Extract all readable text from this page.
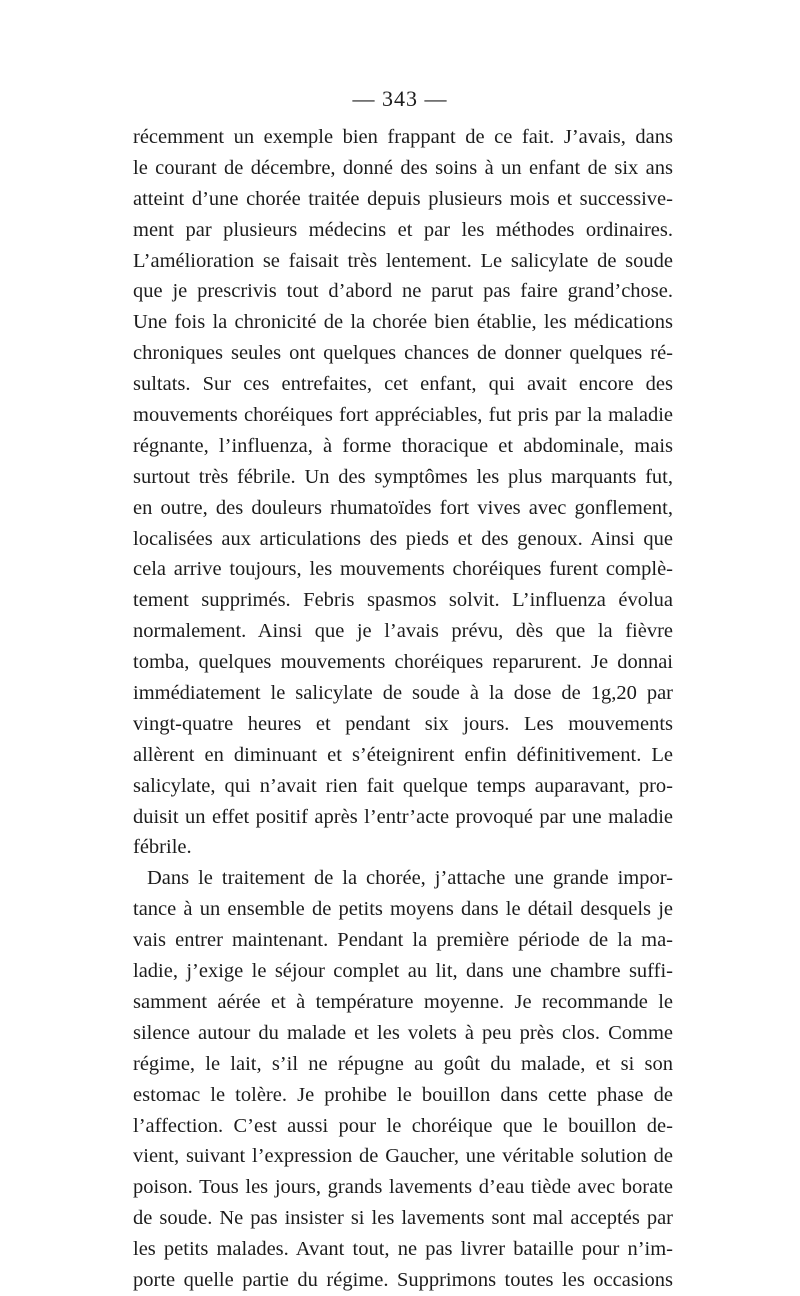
— 343 —
récemment un exemple bien frappant de ce fait. J’avais, dans
le courant de décembre, donné des soins à un enfant de six ans
atteint d’une chorée traitée depuis plusieurs mois et successive-
ment par plusieurs médecins et par les méthodes ordinaires.
L’amélioration se faisait très lentement. Le salicylate de soude
que je prescrivis tout d’abord ne parut pas faire grand’chose.
Une fois la chronicité de la chorée bien établie, les médications
chroniques seules ont quelques chances de donner quelques ré-
sultats. Sur ces entrefaites, cet enfant, qui avait encore des
mouvements choréiques fort appréciables, fut pris par la maladie
régnante, l’influenza, à forme thoracique et abdominale, mais
surtout très fébrile. Un des symptômes les plus marquants fut,
en outre, des douleurs rhumatoïdes fort vives avec gonflement,
localisées aux articulations des pieds et des genoux. Ainsi que
cela arrive toujours, les mouvements choréiques furent complè-
tement supprimés. Febris spasmos solvit. L’influenza évolua
normalement. Ainsi que je l’avais prévu, dès que la fièvre
tomba, quelques mouvements choréiques reparurent. Je donnai
immédiatement le salicylate de soude à la dose de 1g,20 par
vingt-quatre heures et pendant six jours. Les mouvements
allèrent en diminuant et s’éteignirent enfin définitivement. Le
salicylate, qui n’avait rien fait quelque temps auparavant, pro-
duisit un effet positif après l’entr’acte provoqué par une maladie
fébrile.
Dans le traitement de la chorée, j’attache une grande impor-
tance à un ensemble de petits moyens dans le détail desquels je
vais entrer maintenant. Pendant la première période de la ma-
ladie, j’exige le séjour complet au lit, dans une chambre suffi-
samment aérée et à température moyenne. Je recommande le
silence autour du malade et les volets à peu près clos. Comme
régime, le lait, s’il ne répugne au goût du malade, et si son
estomac le tolère. Je prohibe le bouillon dans cette phase de
l’affection. C’est aussi pour le choréique que le bouillon de-
vient, suivant l’expression de Gaucher, une véritable solution de
poison. Tous les jours, grands lavements d’eau tiède avec borate
de soude. Ne pas insister si les lavements sont mal acceptés par
les petits malades. Avant tout, ne pas livrer bataille pour n’im-
porte quelle partie du régime. Supprimons toutes les occasions
